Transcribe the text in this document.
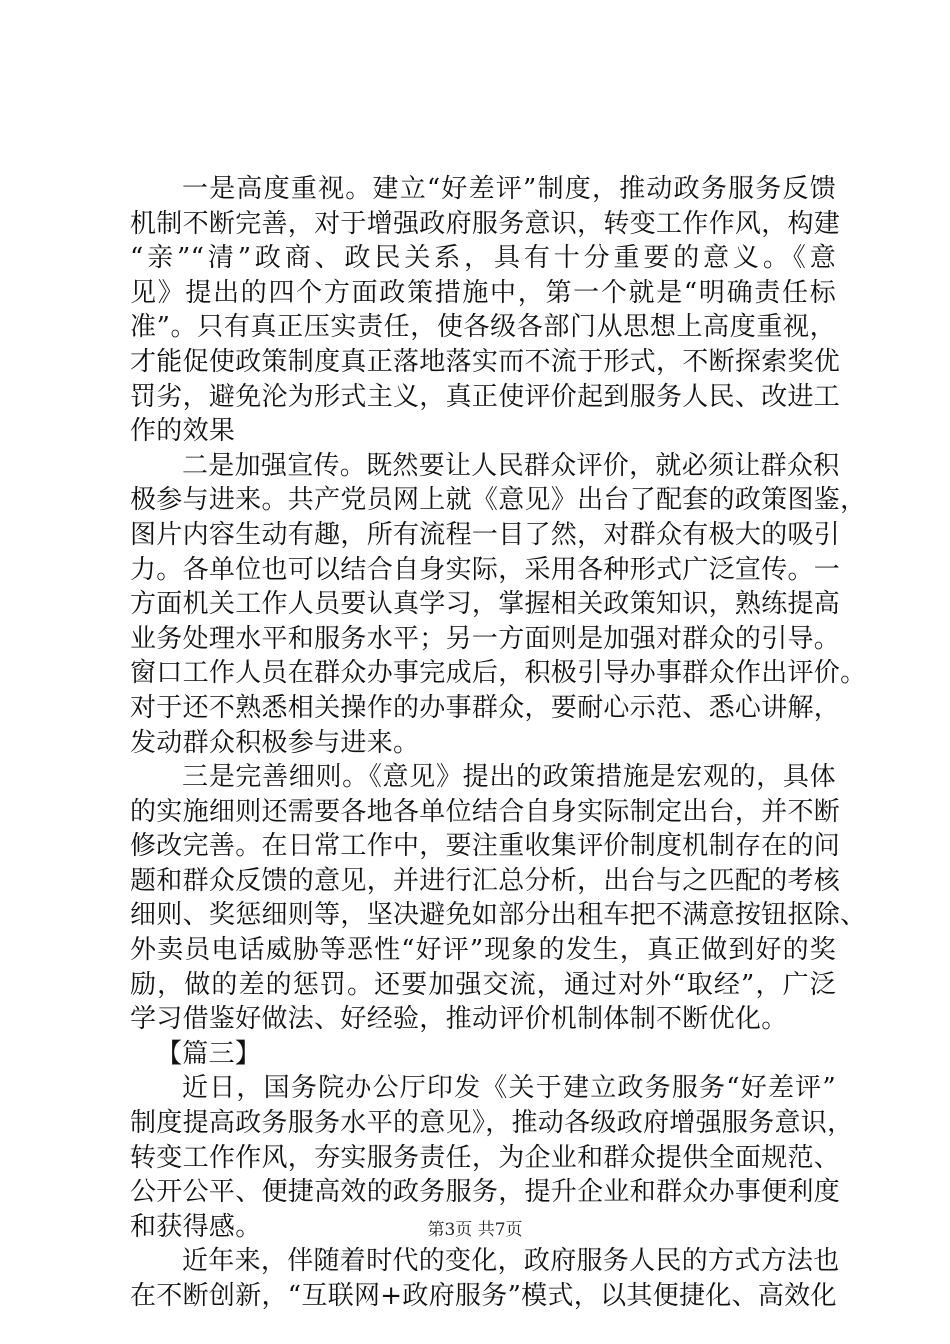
一是高度重视。建立“好差评”制度，推动政务服务反馈
机制不断完善，对于增强政府服务意识，转变工作作风，构建
“亲”“清”政商、政民关系，具有十分重要的意义。《意
见》提出的四个方面政策措施中，第一个就是“明确责任标
准”。只有真正压实责任，使各级各部门从思想上高度重视，
才能促使政策制度真正落地落实而不流于形式，不断探索奖优
罚劣，避免沦为形式主义，真正使评价起到服务人民、改进工
作的效果
二是加强宣传。既然要让人民群众评价，就必须让群众积
极参与进来。共产党员网上就《意见》出台了配套的政策图鉴，
图片内容生动有趣，所有流程一目了然，对群众有极大的吸引
力。各单位也可以结合自身实际，采用各种形式广泛宣传。一
方面机关工作人员要认真学习，掌握相关政策知识，熟练提高
业务处理水平和服务水平；另一方面则是加强对群众的引导。
窗口工作人员在群众办事完成后，积极引导办事群众作出评价。
对于还不熟悉相关操作的办事群众，要耐心示范、悉心讲解，
发动群众积极参与进来。
三是完善细则。《意见》提出的政策措施是宏观的，具体
的实施细则还需要各地各单位结合自身实际制定出台，并不断
修改完善。在日常工作中，要注重收集评价制度机制存在的问
题和群众反馈的意见，并进行汇总分析，出台与之匹配的考核
细则、奖惩细则等，坚决避免如部分出租车把不满意按钮抠除、
外卖员电话威胁等恶性“好评”现象的发生，真正做到好的奖
励，做的差的惩罚。还要加强交流，通过对外“取经”，广泛
学习借鉴好做法、好经验，推动评价机制体制不断优化。
【篇三】
近日，国务院办公厅印发《关于建立政务服务“好差评”
制度提高政务服务水平的意见》，推动各级政府增强服务意识，
转变工作作风，夯实服务责任，为企业和群众提供全面规范、
公开公平、便捷高效的政务服务，提升企业和群众办事便利度
和获得感。
近年来，伴随着时代的变化，政府服务人民的方式方法也
在不断创新，“互联网+政府服务”模式，以其便捷化、高效化
第3页 共7页
